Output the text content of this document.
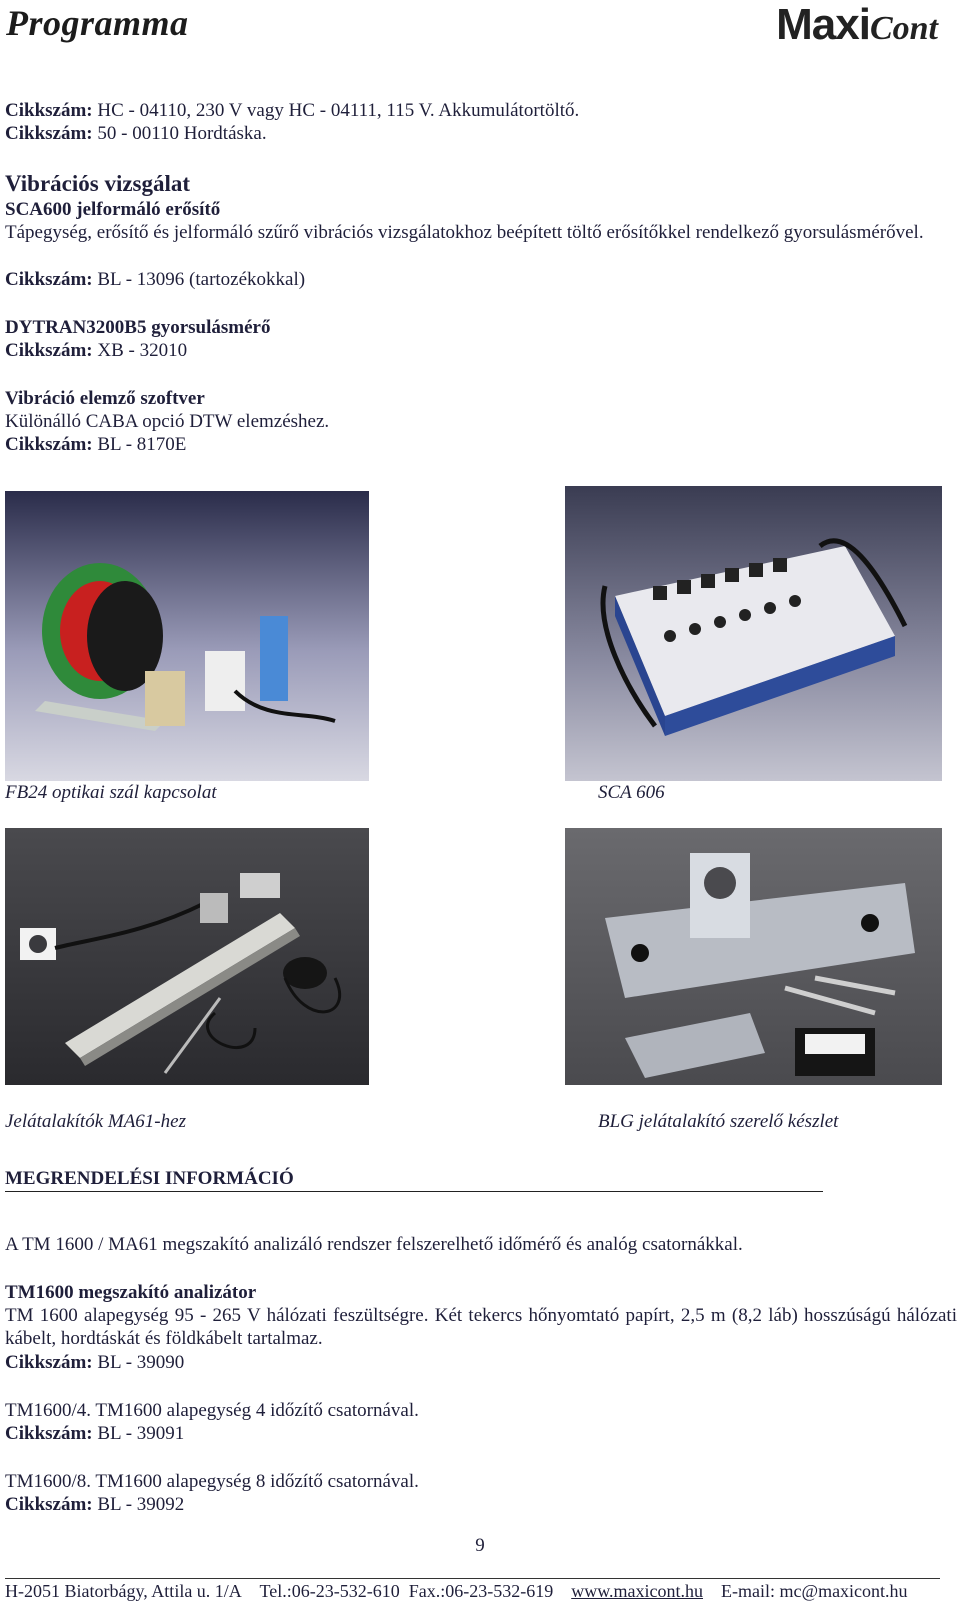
Programma	MaxiCont
Cikkszám: HC - 04110, 230 V vagy HC - 04111, 115 V. Akkumulátortöltő.
Cikkszám: 50 - 00110 Hordtáska.
Vibrációs vizsgálat
SCA600 jelformáló erősítő
Tápegység, erősítő és jelformáló szűrő vibrációs vizsgálatokhoz beépített töltő erősítőkkel rendelkező gyorsulásmérővel.
Cikkszám: BL - 13096 (tartozékokkal)
DYTRAN3200B5 gyorsulásmérő
Cikkszám: XB - 32010
Vibráció elemző szoftver
Különálló CABA opció DTW elemzéshez.
Cikkszám: BL - 8170E
FB24 optikai szál kapcsolat	SCA 606
Jelátalakítók MA61-hez	BLG jelátalakító szerelő készlet
MEGRENDELÉSI INFORMÁCIÓ
A TM 1600 / MA61 megszakító analizáló rendszer felszerelhető időmérő és analóg csatornákkal.
TM1600 megszakító analizátor
TM 1600 alapegység 95 - 265 V hálózati feszültségre. Két tekercs hőnyomtató papírt, 2,5 m (8,2 láb) hosszúságú hálózati kábelt, hordtáskát és földkábelt tartalmaz.
Cikkszám: BL - 39090
TM1600/4. TM1600 alapegység 4 időzítő csatornával.
Cikkszám: BL - 39091
TM1600/8. TM1600 alapegység 8 időzítő csatornával.
Cikkszám: BL - 39092
9
H-2051 Biatorbágy, Attila u. 1/A Tel.:06-23-532-610 Fax.:06-23-532-619 www.maxicont.hu E-mail: mc@maxicont.hu
